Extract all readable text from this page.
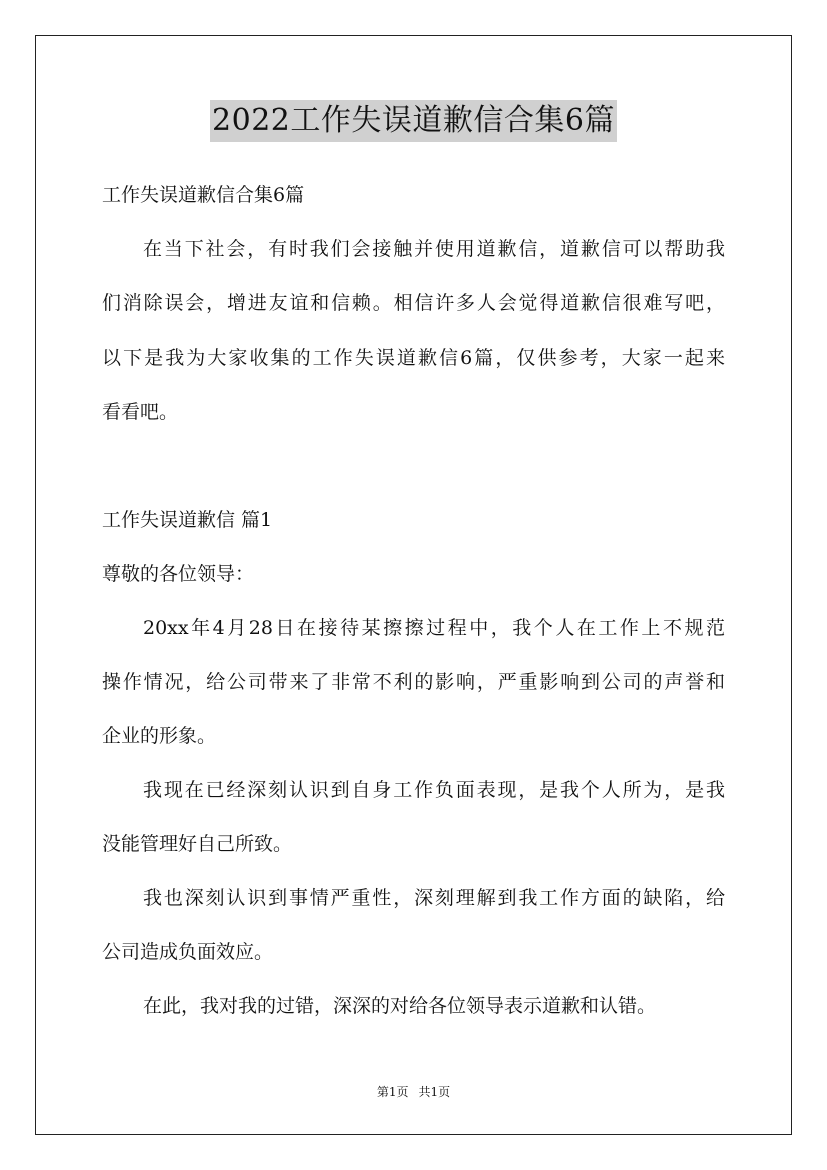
2022工作失误道歉信合集6篇
工作失误道歉信合集6篇
在当下社会，有时我们会接触并使用道歉信，道歉信可以帮助我
们消除误会，增进友谊和信赖。相信许多人会觉得道歉信很难写吧，
以下是我为大家收集的工作失误道歉信6篇，仅供参考，大家一起来
看看吧。
工作失误道歉信 篇1
尊敬的各位领导：
20xx年4月28日在接待某擦擦过程中，我个人在工作上不规范
操作情况，给公司带来了非常不利的影响，严重影响到公司的声誉和
企业的形象。
我现在已经深刻认识到自身工作负面表现，是我个人所为，是我
没能管理好自己所致。
我也深刻认识到事情严重性，深刻理解到我工作方面的缺陷，给
公司造成负面效应。
在此，我对我的过错，深深的对给各位领导表示道歉和认错。
第1页 共1页
